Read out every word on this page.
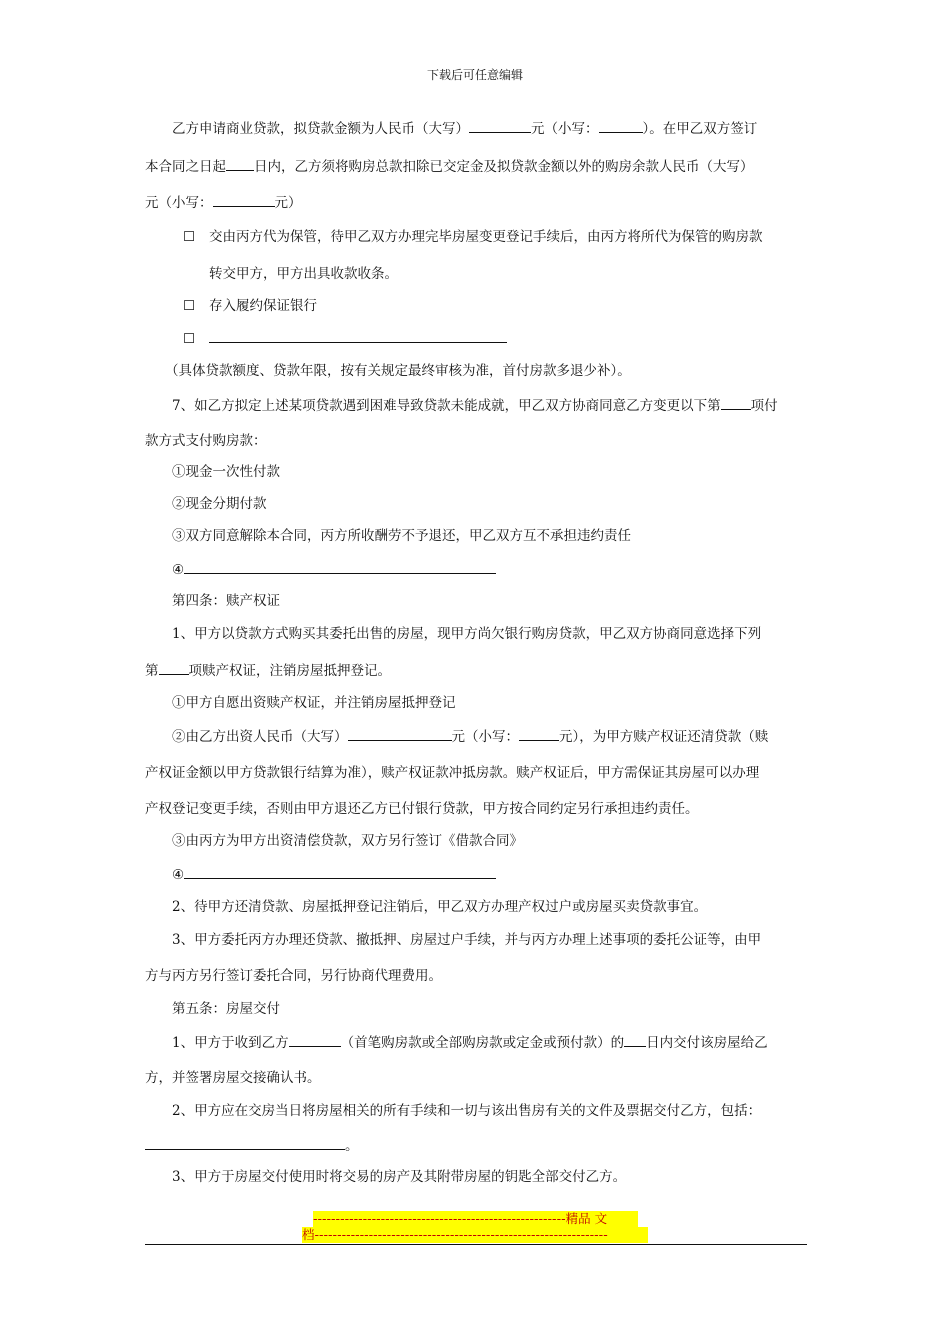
下载后可任意编辑
乙方申请商业贷款，拟贷款金额为人民币（大写）	元（小写：	）。在甲乙双方签订
本合同之日起 日内，乙方须将购房总款扣除已交定金及拟贷款金额以外的购房余款人民币（大写）
元（小写：	元）
☐ 交由丙方代为保管，待甲乙双方办理完毕房屋变更登记手续后，由丙方将所代为保管的购房款
转交甲方，甲方出具收款收条。
☐ 存入履约保证银行
☐
（具体贷款额度、贷款年限，按有关规定最终审核为准，首付房款多退少补）。
7、如乙方拟定上述某项贷款遇到困难导致贷款未能成就，甲乙双方协商同意乙方变更以下第 项付
款方式支付购房款：
①现金一次性付款
②现金分期付款
③双方同意解除本合同，丙方所收酬劳不予退还，甲乙双方互不承担违约责任
④
第四条：赎产权证
1、甲方以贷款方式购买其委托出售的房屋，现甲方尚欠银行购房贷款，甲乙双方协商同意选择下列
第 项赎产权证，注销房屋抵押登记。
①甲方自愿出资赎产权证，并注销房屋抵押登记
②由乙方出资人民币（大写）	元（小写：	元），为甲方赎产权证还清贷款（赎
产权证金额以甲方贷款银行结算为准），赎产权证款冲抵房款。赎产权证后，甲方需保证其房屋可以办理
产权登记变更手续，否则由甲方退还乙方已付银行贷款，甲方按合同约定另行承担违约责任。
③由丙方为甲方出资清偿贷款，双方另行签订《借款合同》
④
2、待甲方还清贷款、房屋抵押登记注销后，甲乙双方办理产权过户或房屋买卖贷款事宜。
3、甲方委托丙方办理还贷款、撤抵押、房屋过户手续，并与丙方办理上述事项的委托公证等，由甲
方与丙方另行签订委托合同，另行协商代理费用。
第五条：房屋交付
1、甲方于收到乙方	（首笔购房款或全部购房款或定金或预付款）的 日内交付该房屋给乙
方，并签署房屋交接确认书。
2、甲方应在交房当日将房屋相关的所有手续和一切与该出售房有关的文件及票据交付乙方，包括：
。
3、甲方于房屋交付使用时将交易的房产及其附带房屋的钥匙全部交付乙方。
--------------------------------------------------------精品 文
档-----------------------------------------------------------------
